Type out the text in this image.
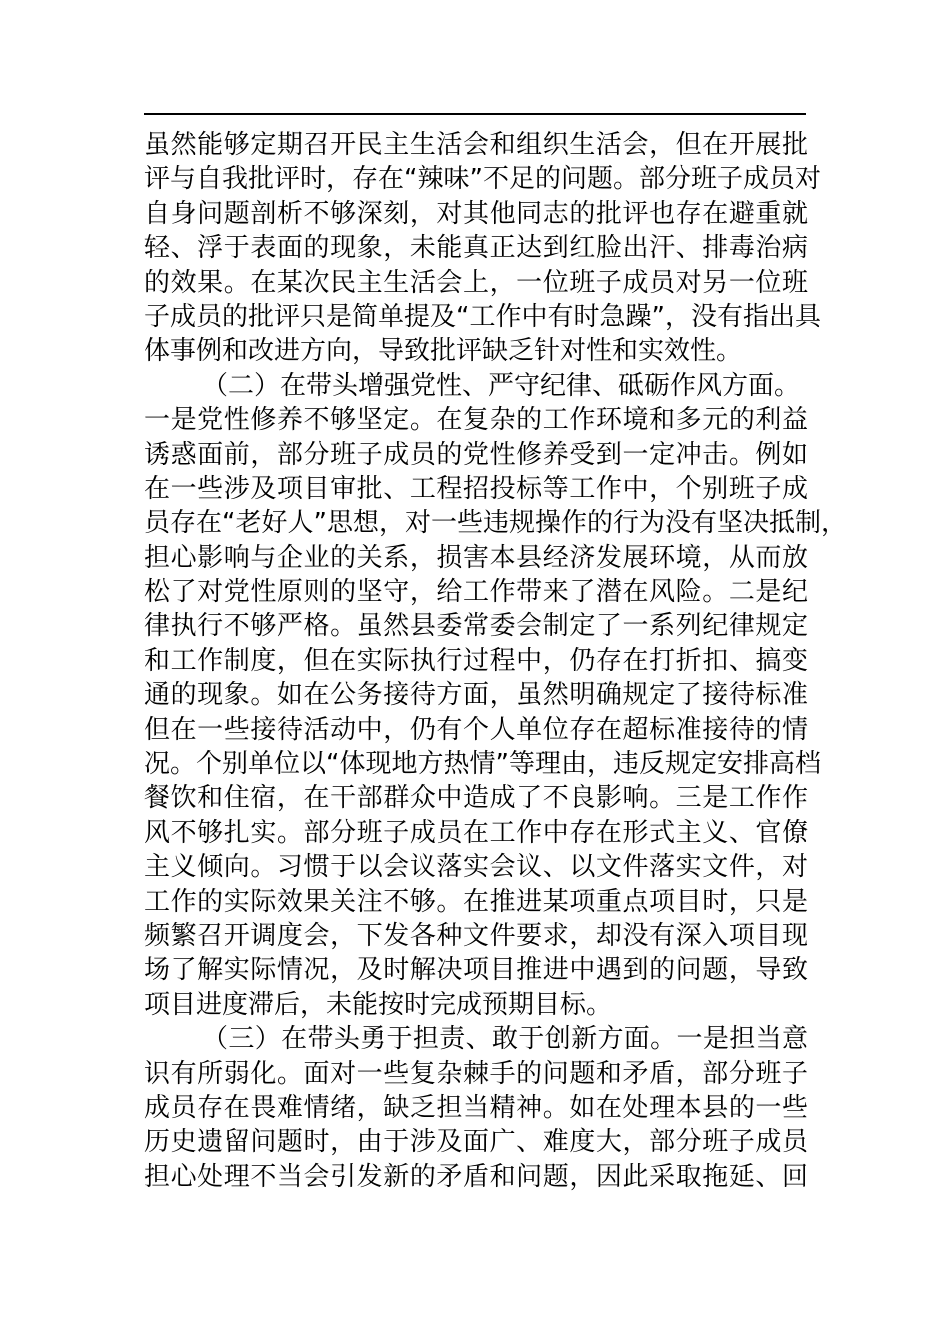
虽然能够定期召开民主生活会和组织生活会，但在开展批
评与自我批评时，存在“辣味”不足的问题。部分班子成员对
自身问题剖析不够深刻，对其他同志的批评也存在避重就
轻、浮于表面的现象，未能真正达到红脸出汗、排毒治病
的效果。在某次民主生活会上，一位班子成员对另一位班
子成员的批评只是简单提及“工作中有时急躁”，没有指出具
体事例和改进方向，导致批评缺乏针对性和实效性。
（二）在带头增强党性、严守纪律、砥砺作风方面。
一是党性修养不够坚定。在复杂的工作环境和多元的利益
诱惑面前，部分班子成员的党性修养受到一定冲击。例如
在一些涉及项目审批、工程招投标等工作中，个别班子成
员存在“老好人”思想，对一些违规操作的行为没有坚决抵制，
担心影响与企业的关系，损害本县经济发展环境，从而放
松了对党性原则的坚守，给工作带来了潜在风险。二是纪
律执行不够严格。虽然县委常委会制定了一系列纪律规定
和工作制度，但在实际执行过程中，仍存在打折扣、搞变
通的现象。如在公务接待方面，虽然明确规定了接待标准
但在一些接待活动中，仍有个人单位存在超标准接待的情
况。个别单位以“体现地方热情”等理由，违反规定安排高档
餐饮和住宿，在干部群众中造成了不良影响。三是工作作
风不够扎实。部分班子成员在工作中存在形式主义、官僚
主义倾向。习惯于以会议落实会议、以文件落实文件，对
工作的实际效果关注不够。在推进某项重点项目时，只是
频繁召开调度会，下发各种文件要求，却没有深入项目现
场了解实际情况，及时解决项目推进中遇到的问题，导致
项目进度滞后，未能按时完成预期目标。
（三）在带头勇于担责、敢于创新方面。一是担当意
识有所弱化。面对一些复杂棘手的问题和矛盾，部分班子
成员存在畏难情绪，缺乏担当精神。如在处理本县的一些
历史遗留问题时，由于涉及面广、难度大，部分班子成员
担心处理不当会引发新的矛盾和问题，因此采取拖延、回
